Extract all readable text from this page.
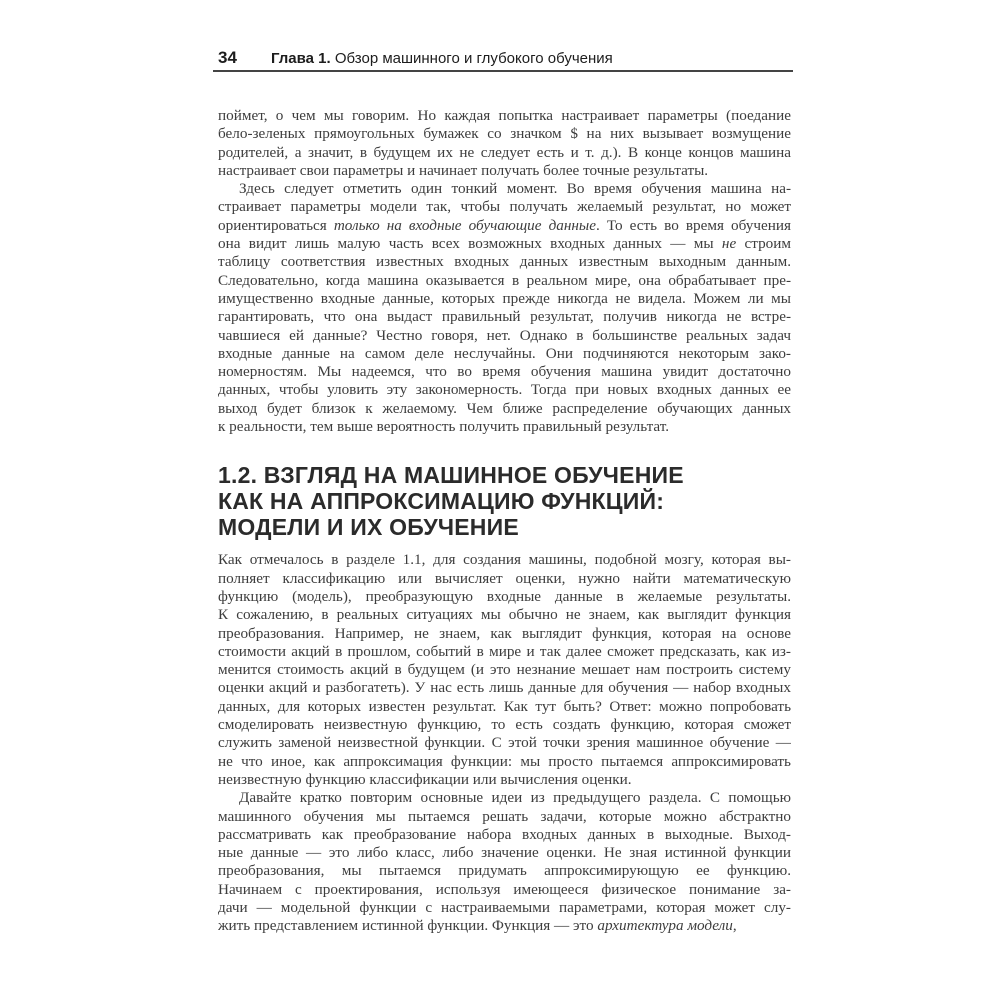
34 Глава 1. Обзор машинного и глубокого обучения
поймет, о чем мы говорим. Но каждая попытка настраивает параметры (поедание
бело-зеленых прямоугольных бумажек со значком $ на них вызывает возмущение
родителей, а значит, в будущем их не следует есть и т. д.). В конце концов машина
настраивает свои параметры и начинает получать более точные результаты.
Здесь следует отметить один тонкий момент. Во время обучения машина на-
страивает параметры модели так, чтобы получать желаемый результат, но может
ориентироваться только на входные обучающие данные. То есть во время обучения
она видит лишь малую часть всех возможных входных данных — мы не строим
таблицу соответствия известных входных данных известным выходным данным.
Следовательно, когда машина оказывается в реальном мире, она обрабатывает пре-
имущественно входные данные, которых прежде никогда не видела. Можем ли мы
гарантировать, что она выдаст правильный результат, получив никогда не встре-
чавшиеся ей данные? Честно говоря, нет. Однако в большинстве реальных задач
входные данные на самом деле неслучайны. Они подчиняются некоторым зако-
номерностям. Мы надеемся, что во время обучения машина увидит достаточно
данных, чтобы уловить эту закономерность. Тогда при новых входных данных ее
выход будет близок к желаемому. Чем ближе распределение обучающих данных
к реальности, тем выше вероятность получить правильный результат.
1.2. ВЗГЛЯД НА МАШИННОЕ ОБУЧЕНИЕ
КАК НА АППРОКСИМАЦИЮ ФУНКЦИЙ:
МОДЕЛИ И ИХ ОБУЧЕНИЕ
Как отмечалось в разделе 1.1, для создания машины, подобной мозгу, которая вы-
полняет классификацию или вычисляет оценки, нужно найти математическую
функцию (модель), преобразующую входные данные в желаемые результаты.
К сожалению, в реальных ситуациях мы обычно не знаем, как выглядит функция
преобразования. Например, не знаем, как выглядит функция, которая на основе
стоимости акций в прошлом, событий в мире и так далее сможет предсказать, как из-
менится стоимость акций в будущем (и это незнание мешает нам построить систему
оценки акций и разбогатеть). У нас есть лишь данные для обучения — набор входных
данных, для которых известен результат. Как тут быть? Ответ: можно попробовать
смоделировать неизвестную функцию, то есть создать функцию, которая сможет
служить заменой неизвестной функции. С этой точки зрения машинное обучение —
не что иное, как аппроксимация функции: мы просто пытаемся аппроксимировать
неизвестную функцию классификации или вычисления оценки.
Давайте кратко повторим основные идеи из предыдущего раздела. С помощью
машинного обучения мы пытаемся решать задачи, которые можно абстрактно
рассматривать как преобразование набора входных данных в выходные. Выход-
ные данные — это либо класс, либо значение оценки. Не зная истинной функции
преобразования, мы пытаемся придумать аппроксимирующую ее функцию.
Начинаем с проектирования, используя имеющееся физическое понимание за-
дачи — модельной функции с настраиваемыми параметрами, которая может слу-
жить представлением истинной функции. Функция — это архитектура модели,
